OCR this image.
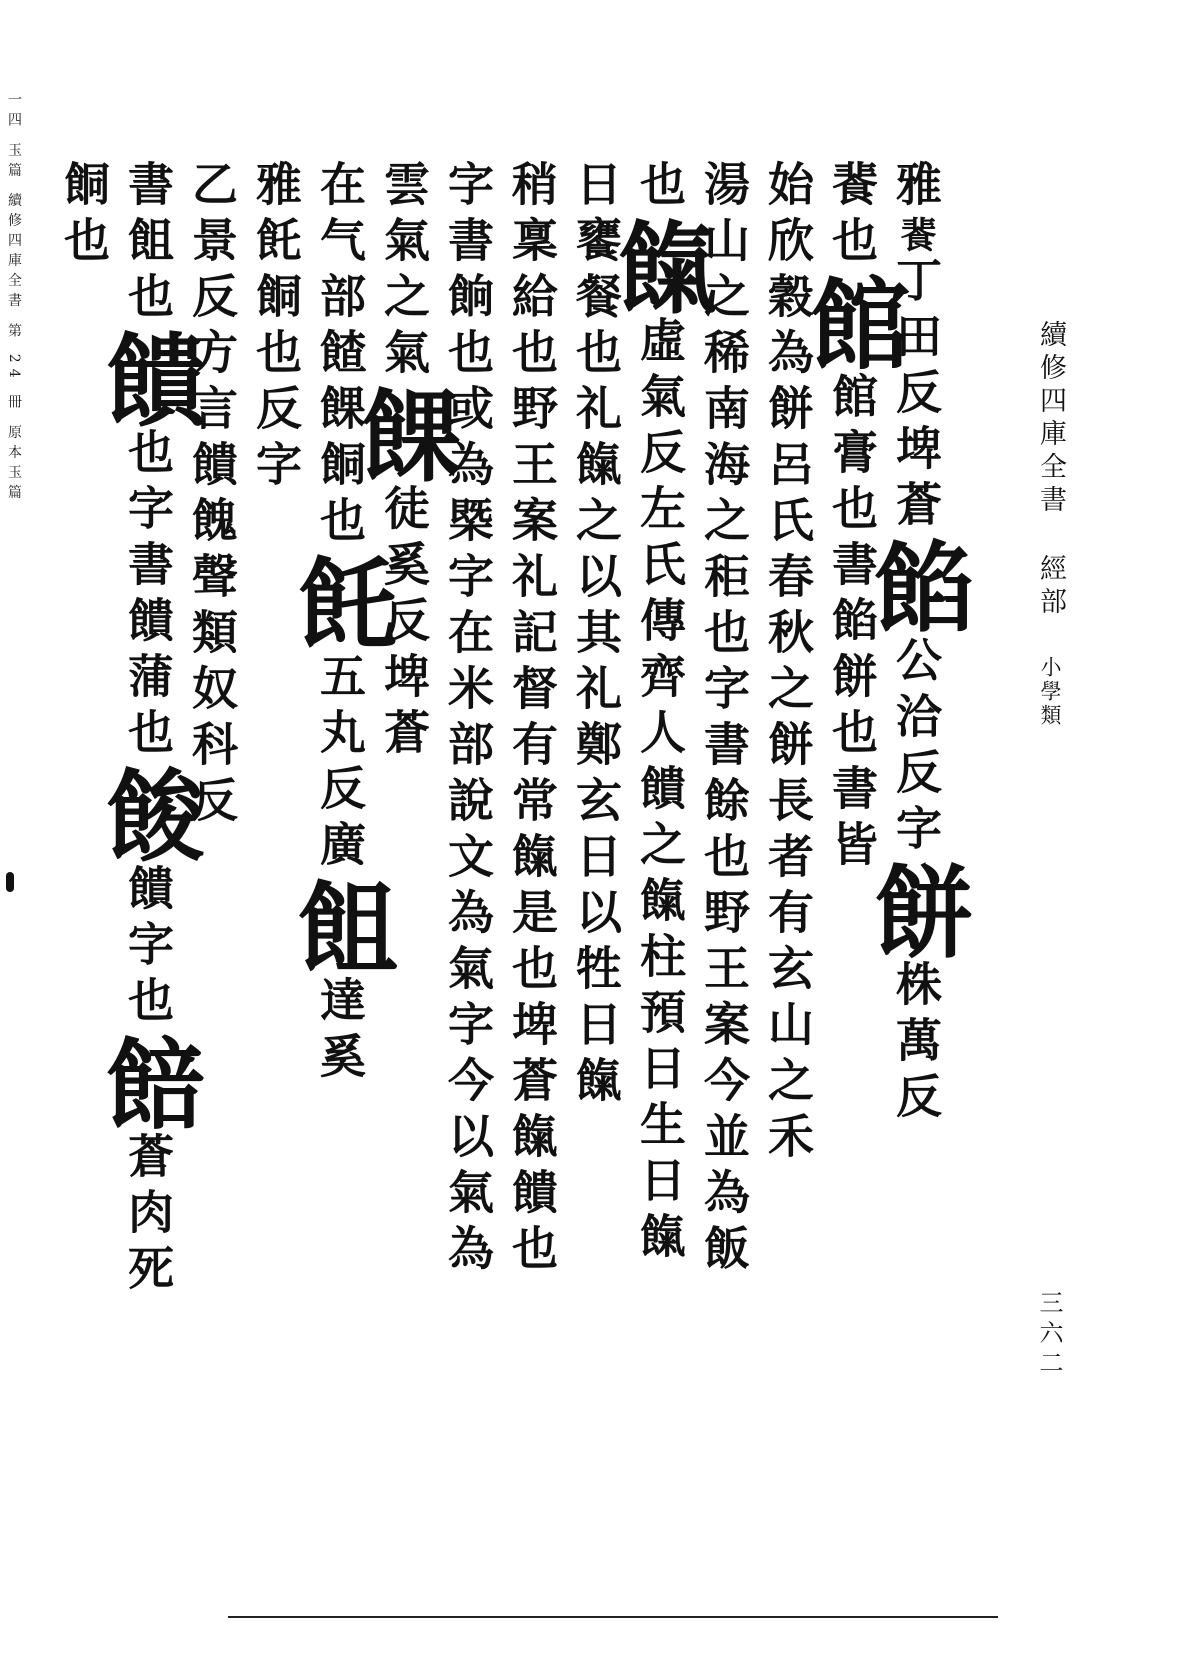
續修四庫全書經部小學類
三六二
一四 玉篇 續修四庫全書 第 24 冊 原本玉篇	雅餥丁田反埤蒼餡公洽反字餅株萬反
餥也館館膏也書餡餅也書皆
始欣穀為餅呂氏春秋之餅長者有玄山之禾
湯山之稀南海之秬也字書餘也野王案今並為飯
也餼虛氣反左氏傳齊人饋之餼柱預日生日餼
日饔餐也礼餼之以其礼鄭玄日以牲日餼
稍稟給也野王案礼記督有常餼是也埤蒼餼饋也
字書餉也或為槩字在米部說文為氣字今以氣為
雲氣之氣餜徒奚反埤蒼
在气部餷餜餇也飥五丸反廣飷達奚
雅飥餇也反字
乙景反方言饋餽聲類奴科反
書飷也饋也字書饋蒲也餕饋字也餢蒼肉死
餇也
